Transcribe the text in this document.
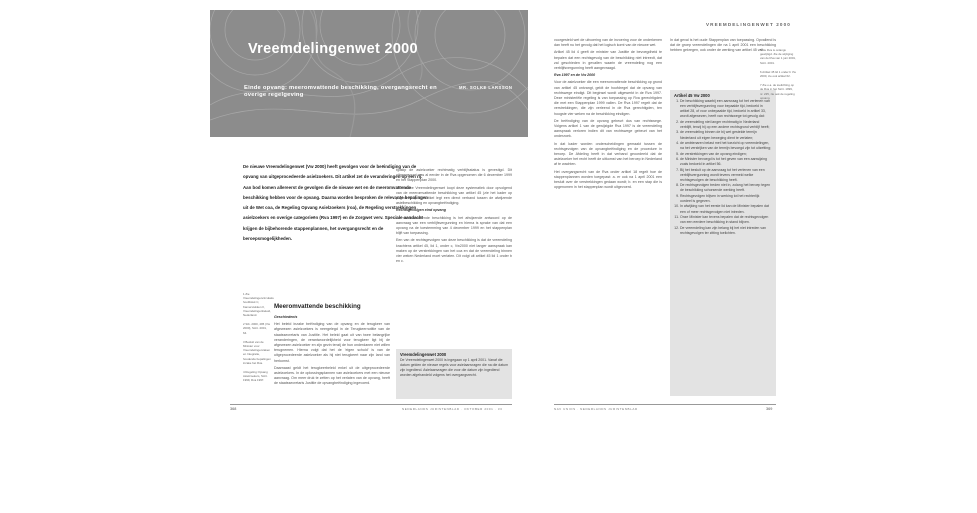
Vreemdelingenwet 2000
Einde opvang: meeromvattende beschikking, overgangsrecht en overige regelgeving
MR. SOLKE LARSSON
De nieuwe Vreemdelingenwet (Vw 2000) heeft gevolgen voor de beëindiging van de opvang van uitgeprocedeerde asielzoekers. Dit artikel zet de veranderingen op een rij. Aan bod komen allereerst de gevolgen die de nieuwe wet en de meeromvattende beschikking hebben voor de opvang. Daarna worden besproken de relevante bepalingen uit de Wet coa, de Regeling Opvang Asielzoekers (roa), de Regeling verstrekkingen asielzoekers en overige categorieën (Rva 1997) en de Zorgwet verv. Speciale aandacht krijgen de bijbehorende stappenplannen, het overgangsrecht en de beroepsmogelijkheden.

1 Zie Vreemdelingencirculaire hoofdstuk C, Kamerstukken II, Vreemdelingenbeleid, Nederland.

2 Stb. 2000, 495 (Vw 2000), Stcrt. 2001, 64.

3 Besluit van de Minister voor Vreemdelingenzaken en Integratie, houdende bepalingen inzake het Rva.

4 Regeling Opvang Asielzoekers, Stcrt. 1999, Rva 1997.

Meeromvattende beschikking

Geschiedenis

Het beleid inzake beëindiging van de opvang en de terugkeer van afgewezen asielzoekers is neergelegd in de Terugkeernotitie van de staatssecretaris van Justitie. Het beleid gaat uit van twee belangrijke veranderingen, de verantwoordelijkheid voor terugkeer ligt bij de afgewezen asielzoeker en zijn gezin tenzij de hun onderdanen niet willen terugnemen. Hierna volgt dat het de 'eigen schuld' is van de uitgeprocedeerde asielzoeker als hij niet terugkeert naar zijn land van herkomst.

Daarnaast geldt het terugkeerbeleid enkel uit de uitgeprocedeerde asielzoekers. In de oplossingsplannen van asielzoekers met een nieuwe aanvraag. Om meer druk te zetten op het verlaten van de opvang, heeft de staatssecretaris Justitie de opvangbeëindiging ingevoerd.

tijdstip de asielzoeker rechtmatig verblijfsstatus is gevestigd. Dit uitgangspunt was al eerder in de Rva opgenomen die 6 december 1999 en het Stappenplan 2000.

De nieuwe Vreemdelingenwet loopt deze systematiek door opvolgend van de meeromvattende beschikking van artikel 45 (zie het kader op pagina 369). Dit artikel legt een direct verband tussen de afwijzende asielbeschikking en opvangbeëindiging.

Rechtsgevolgen eind opvang

De meeromvattende beschikking is het afwijzende antwoord op de aanvraag van een verblijfsvergunning en hierna is sprake van dat een opvang na de toestemming van 4 december 1999 en het stappenplan blijft van toepassing.

Een van de rechtsgevolgen van deze beschikking is dat de vreemdeling krachtens artikel 45, lid 1, onder c, Vw2000 niet langer aanspraak kan maken op de verstrekkingen van het coa en dat de vreemdeling binnen vier weken Nederland moet verlaten. Dit volgt uit artikel 45 lid 1 onder b en c.

Vreemdelingenwet 2000
De Vreemdelingenwet 2000 is ingegaan op 1 april 2001. Vanaf die datum gelden de nieuwe regels voor asielaanvragen die na die datum zijn ingediend. Asielaanvragen die voor die datum zijn ingediend worden afgehandeld volgens het overgangsrecht.
368	NEDERLANDS JURISTENBLAD · OKTOBER 2001 · 33
VREEMDELINGENWET 2000

voorgesteld wet de uitvoering van de invoering voor de onderkenen dan heeft nu het gevolg dat het logisch komt van de nieuwe wet.

Artikel 45 lid 4 geeft de minister van Justitie de bevoegdheid te bepalen dat een rechtsgevolg van de beschikking niet intreedt, dat zal geschieden in gevallen waarin de vreemdeling nog een verblijfsvergunning heeft aangevraagd.

Rva 1997 en de Vw 2000

Voor de asielzoeker die een meeromvattende beschikking op grond van artikel 45 ontvangt, geldt de hoofdregel dat de opvang van rechtswege eindigt. Dit beginsel wordt uitgewerkt in de Rva 1997. Deze ministeriële regeling is van toepassing op Rva gerechtigden die met een Stappenplan 1999 vallen. De Rva 1997 regelt dat de verstrekkingen, die zijn verleend in de Rva gerechtigden, ten hoogste vier weken na de beschikking eindigen.

De beëindiging van de opvang gebeurt dus van rechtswege. Volgens artikel 1 van de gewijzigde Rva 1997 is de vreemdeling aanspraak verloren indien dit van rechtswege gebeurt van het onderzoek.

In dat kader worden onderscheidingen gemaakt tussen de rechtsgevolgen van de opvangbeëindiging en de procedure in beroep. De Afdeling heeft in dat verband geoordeeld dat de asielzoeker het recht heeft de uitkomst van het beroep in Nederland af te wachten.

Het overgangsrecht van de Rva onder artikel 18 regelt hoe de stappenplannen worden toegepast: a. er ook na 1 april 2001 een besluit over de verstrekkingen gedaan wordt; b. en een stap die is opgenomen in het stappenplan wordt uitgevoerd.

In dat geval is het oude Stappenplan van toepassing. Opvallend is dat de groep vreemdelingen die na 1 april 2001 een beschikking hebben gekregen, ook onder de werking van artikel 45 valt.

Artikel 45 Vw 2000
1. De beschikking waarbij een aanvraag tot het verlenen van een verblijfsvergunning voor bepaalde tijd, bedoeld in artikel 28, of voor onbepaalde tijd, bedoeld in artikel 33, wordt afgewezen, heeft van rechtswege tot gevolg dat:
2. de vreemdeling niet langer rechtmatig in Nederland verblijft, tenzij hij op een andere rechtsgrond verblijf heeft;
3. de vreemdeling binnen de bij wet gestelde termijn Nederland uit eigen beweging dient te verlaten;
4. de ambtenaren belast met het toezicht op vreemdelingen, na het verstrijken van de termijn bevoegd zijn tot uitzetting;
5. de verstrekkingen van de opvang eindigen;
6. de Minister bevoegd is tot het geven van een aanwijzing zoals bedoeld in artikel 56.
7. Bij het besluit op de aanvraag tot het verlenen van een verblijfsvergunning wordt tevens vermeld welke rechtsgevolgen de beschikking heeft.
8. De rechtsgevolgen treden niet in, zolang het beroep tegen de beschikking schorsende werking heeft.
9. Rechtsgevolgen blijven in werking tot het rechterlijk oordeel is gegeven.
10. In afwijking van het eerste lid kan de Minister bepalen dat een of meer rechtsgevolgen niet intreden.
11. Onze Minister kan tevens bepalen dat de rechtsgevolgen van een eerdere beschikking in stand blijven.
12. De vreemdeling kan zijn belang bij het niet intreden van rechtsgevolgen ter zitting toelichten.
NAV UNIOS · NEDERLANDS JURISTENBLAD	369

5 De Rva is onlangs gewijzigd. Zie de wijziging van de Rva van 1 juni 2001, Stcrt. 2001.

6 Artikel 45 lid 1 onder b Vw 2000, zie ook artikel 62.

7 Zie o.a. de toelichting op de Rva in het Stcrt. 1999, nr. 225, zie ook de regeling opvang.
